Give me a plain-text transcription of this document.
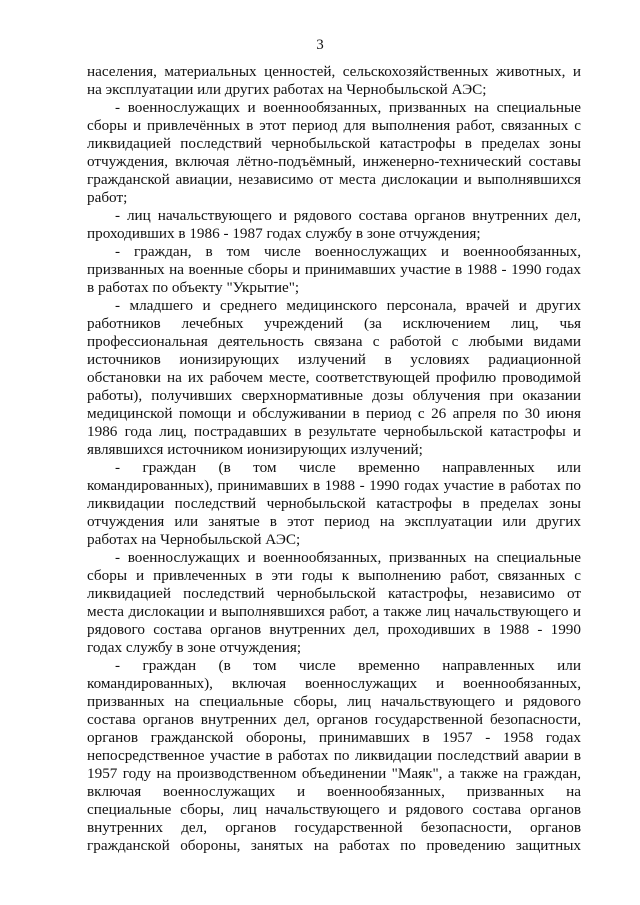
3
населения, материальных ценностей, сельскохозяйственных животных, и
на эксплуатации или других работах на Чернобыльской АЭС;
- военнослужащих и военнообязанных, призванных на специальные
сборы и привлечённых в этот период для выполнения работ, связанных с
ликвидацией последствий чернобыльской катастрофы в пределах зоны
отчуждения, включая лётно-подъёмный, инженерно-технический составы
гражданской авиации, независимо от места дислокации и выполнявшихся
работ;
- лиц начальствующего и рядового состава органов внутренних дел,
проходивших в 1986 - 1987 годах службу в зоне отчуждения;
- граждан, в том числе военнослужащих и военнообязанных,
призванных на военные сборы и принимавших участие в 1988 - 1990 годах
в работах по объекту "Укрытие";
- младшего и среднего медицинского персонала, врачей и других
работников лечебных учреждений (за исключением лиц, чья
профессиональная деятельность связана с работой с любыми видами
источников ионизирующих излучений в условиях радиационной
обстановки на их рабочем месте, соответствующей профилю проводимой
работы), получивших сверхнормативные дозы облучения при оказании
медицинской помощи и обслуживании в период с 26 апреля по 30 июня
1986 года лиц, пострадавших в результате чернобыльской катастрофы и
являвшихся источником ионизирующих излучений;
- граждан (в том числе временно направленных или
командированных), принимавших в 1988 - 1990 годах участие в работах по
ликвидации последствий чернобыльской катастрофы в пределах зоны
отчуждения или занятые в этот период на эксплуатации или других
работах на Чернобыльской АЭС;
- военнослужащих и военнообязанных, призванных на специальные
сборы и привлеченных в эти годы к выполнению работ, связанных с
ликвидацией последствий чернобыльской катастрофы, независимо от
места дислокации и выполнявшихся работ, а также лиц начальствующего и
рядового состава органов внутренних дел, проходивших в 1988 - 1990
годах службу в зоне отчуждения;
- граждан (в том числе временно направленных или
командированных), включая военнослужащих и военнообязанных,
призванных на специальные сборы, лиц начальствующего и рядового
состава органов внутренних дел, органов государственной безопасности,
органов гражданской обороны, принимавших в 1957 - 1958 годах
непосредственное участие в работах по ликвидации последствий аварии в
1957 году на производственном объединении "Маяк", а также на граждан,
включая военнослужащих и военнообязанных, призванных на
специальные сборы, лиц начальствующего и рядового состава органов
внутренних дел, органов государственной безопасности, органов
гражданской обороны, занятых на работах по проведению защитных
